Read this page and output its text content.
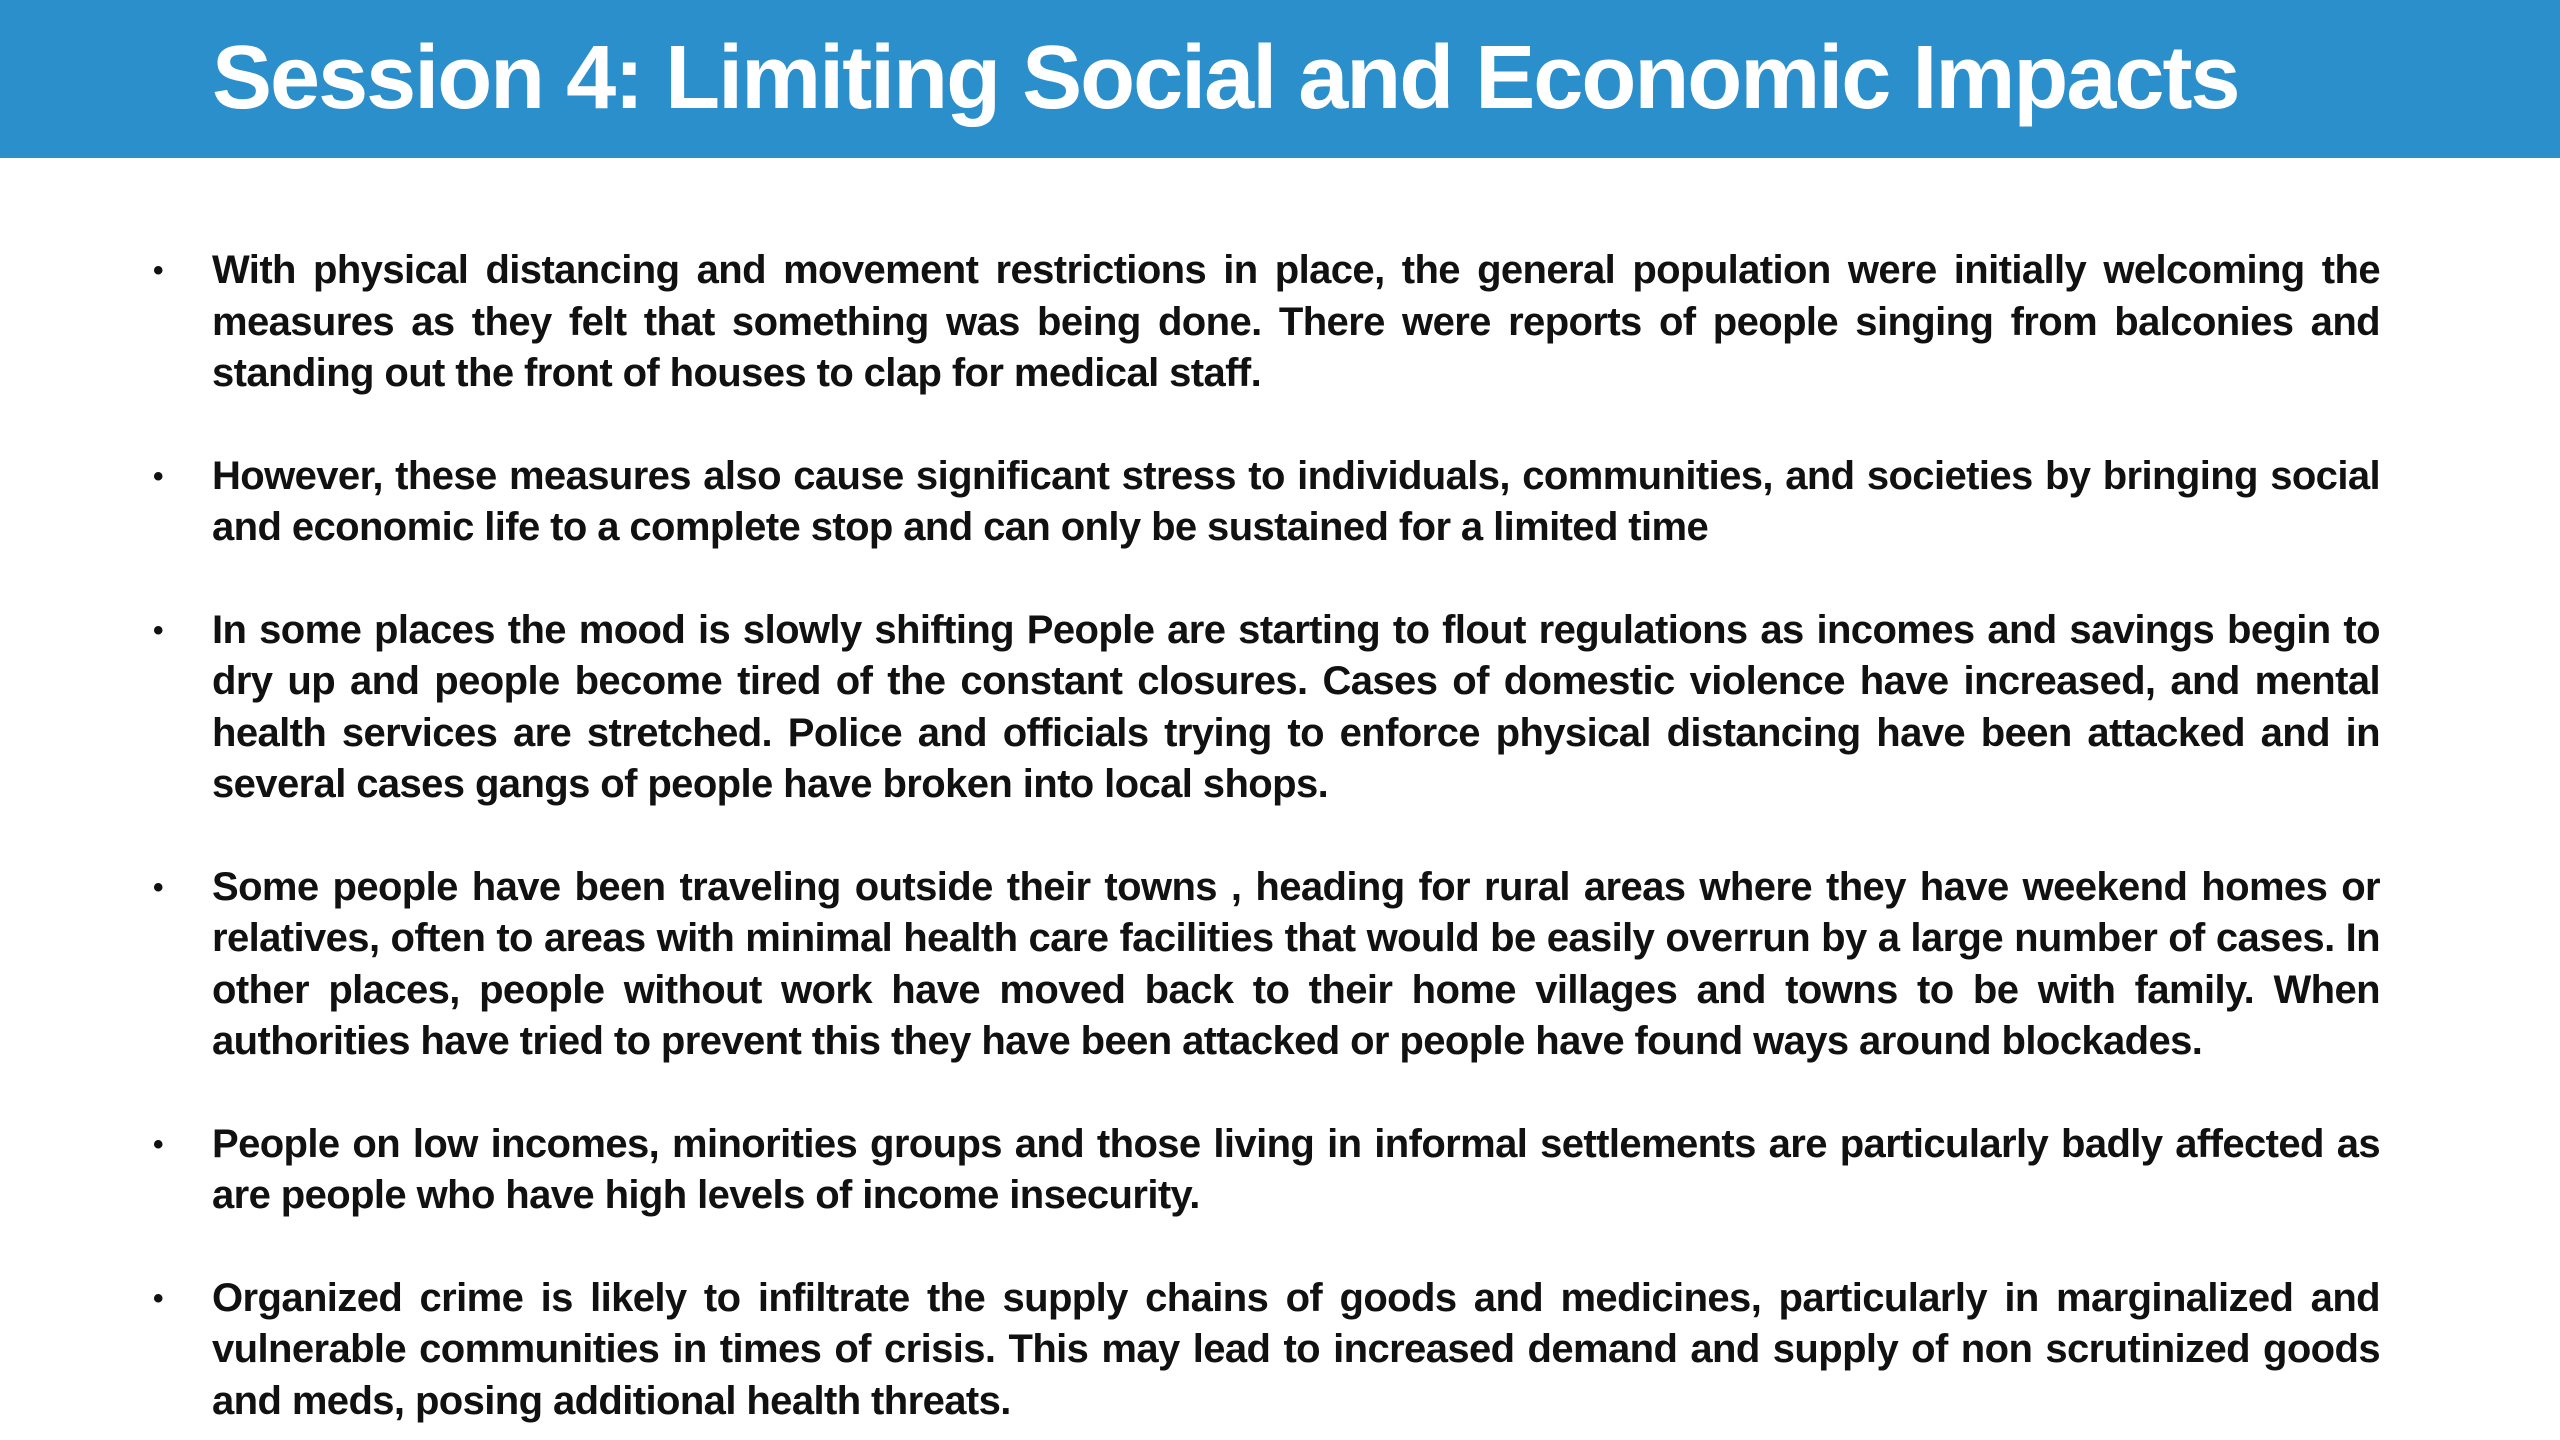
Session 4: Limiting Social and Economic Impacts
• With physical distancing and movement restrictions in place, the general population were initially welcoming the measures as they felt that something was being done. There were reports of people singing from balconies and standing out the front of houses to clap for medical staff.
• However, these measures also cause significant stress to individuals, communities, and societies by bringing social and economic life to a complete stop and can only be sustained for a limited time
• In some places the mood is slowly shifting People are starting to flout regulations as incomes and savings begin to dry up and people become tired of the constant closures. Cases of domestic violence have increased, and mental health services are stretched. Police and officials trying to enforce physical distancing have been attacked and in several cases gangs of people have broken into local shops.
• Some people have been traveling outside their towns , heading for rural areas where they have weekend homes or relatives, often to areas with minimal health care facilities that would be easily overrun by a large number of cases. In other places, people without work have moved back to their home villages and towns to be with family. When authorities have tried to prevent this they have been attacked or people have found ways around blockades.
• People on low incomes, minorities groups and those living in informal settlements are particularly badly affected as are people who have high levels of income insecurity.
• Organized crime is likely to infiltrate the supply chains of goods and medicines, particularly in marginalized and vulnerable communities in times of crisis. This may lead to increased demand and supply of non scrutinized goods and meds, posing additional health threats.
